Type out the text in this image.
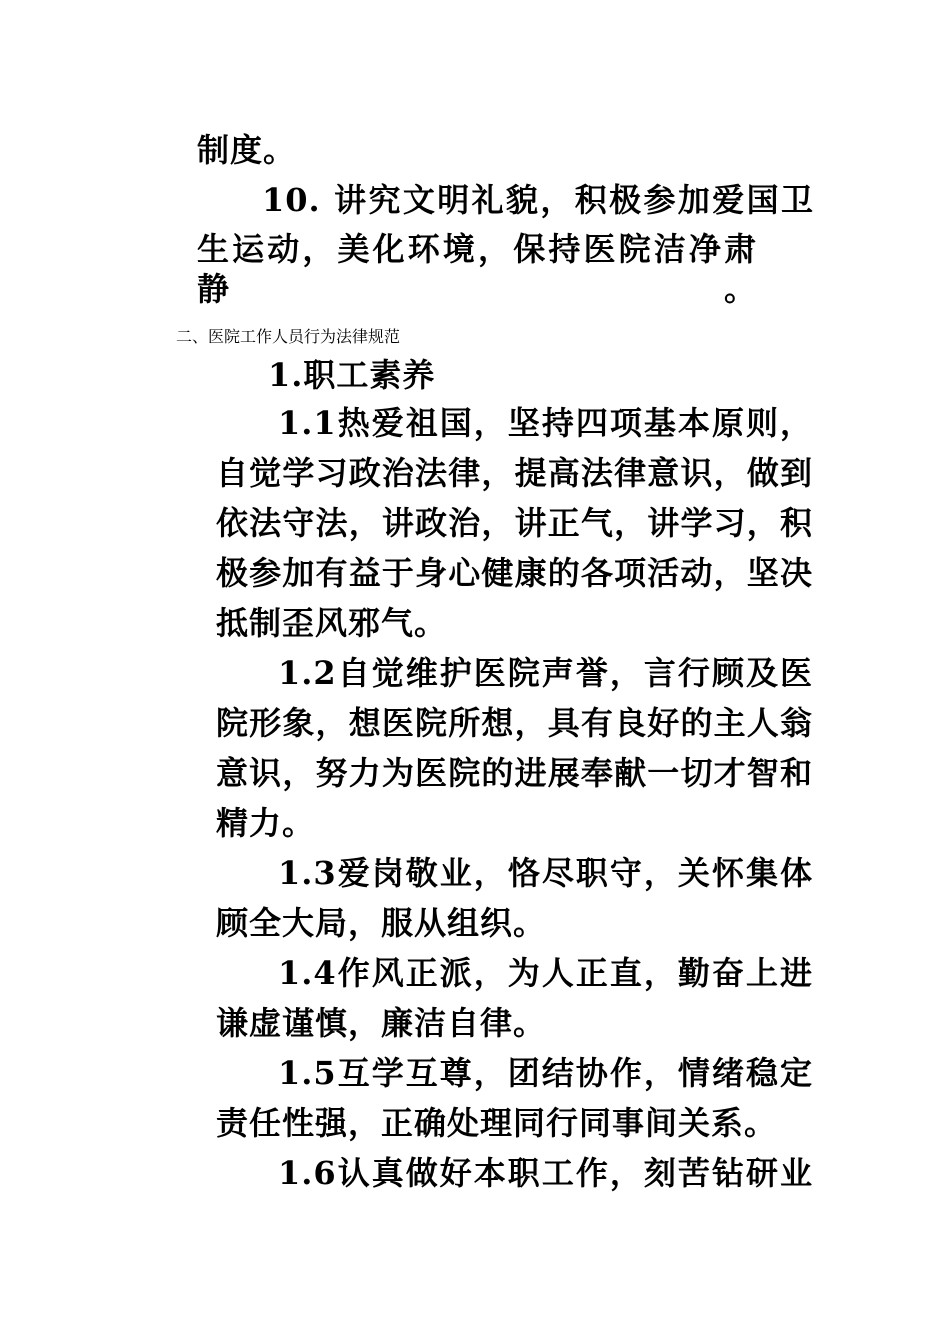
制度。
10. 讲究文明礼貌，积极参加爱国卫
生运动，美化环境，保持医院洁净肃静。
二、医院工作人员行为法律规范
1.职工素养
1.1热爱祖国，坚持四项基本原则，
自觉学习政治法律，提高法律意识，做到
依法守法，讲政治，讲正气，讲学习，积
极参加有益于身心健康的各项活动，坚决
抵制歪风邪气。
1.2自觉维护医院声誉，言行顾及医
院形象，想医院所想，具有良好的主人翁
意识，努力为医院的进展奉献一切才智和
精力。
1.3爱岗敬业，恪尽职守，关怀集体
顾全大局，服从组织。
1.4作风正派，为人正直，勤奋上进
谦虚谨慎，廉洁自律。
1.5互学互尊，团结协作，情绪稳定
责任性强，正确处理同行同事间关系。
1.6认真做好本职工作，刻苦钻研业
